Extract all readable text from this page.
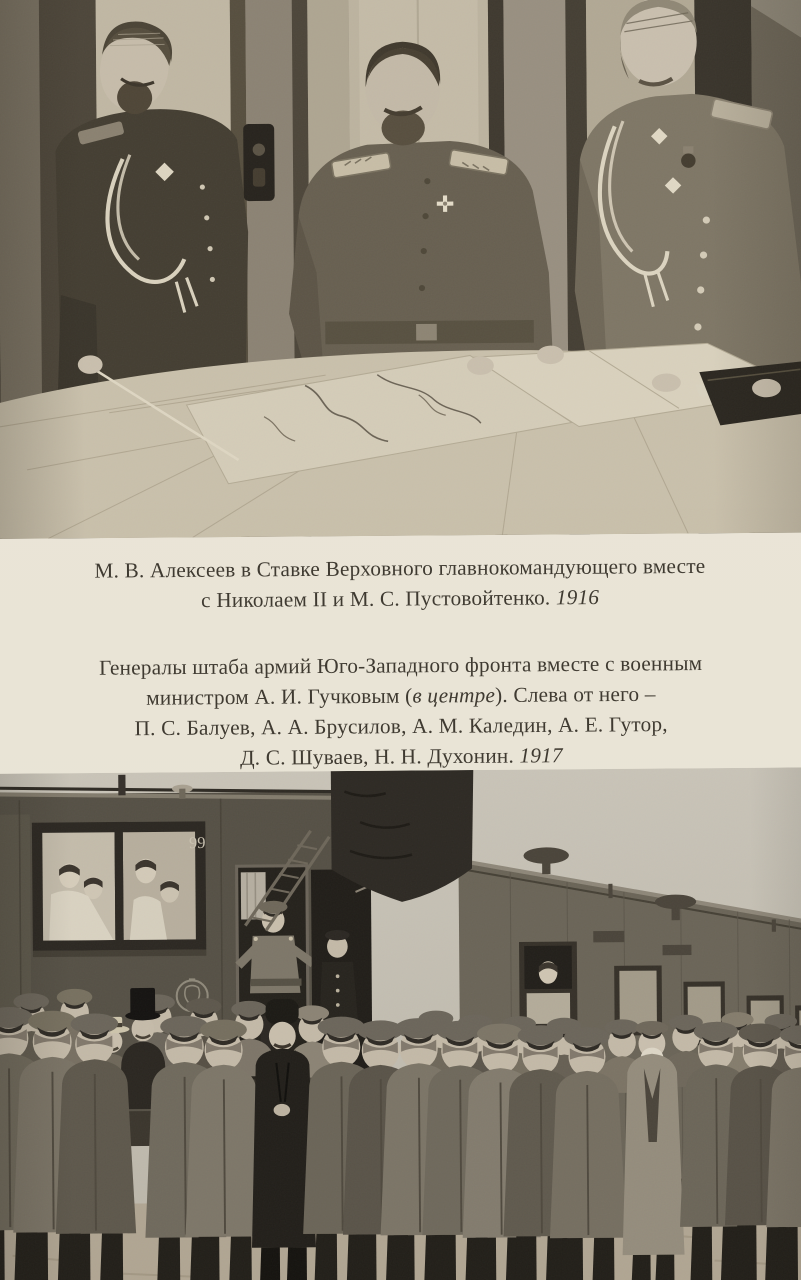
М. В. Алексеев в Ставке Верховного главнокомандующего вместе
с Николаем II и М. С. Пустовойтенко. 1916

Генералы штаба армий Юго-Западного фронта вместе с военным
министром А. И. Гучковым (в центре). Слева от него –
П. С. Балуев, А. А. Брусилов, А. М. Каледин, А. Е. Гутор,
Д. С. Шуваев, Н. Н. Духонин. 1917
